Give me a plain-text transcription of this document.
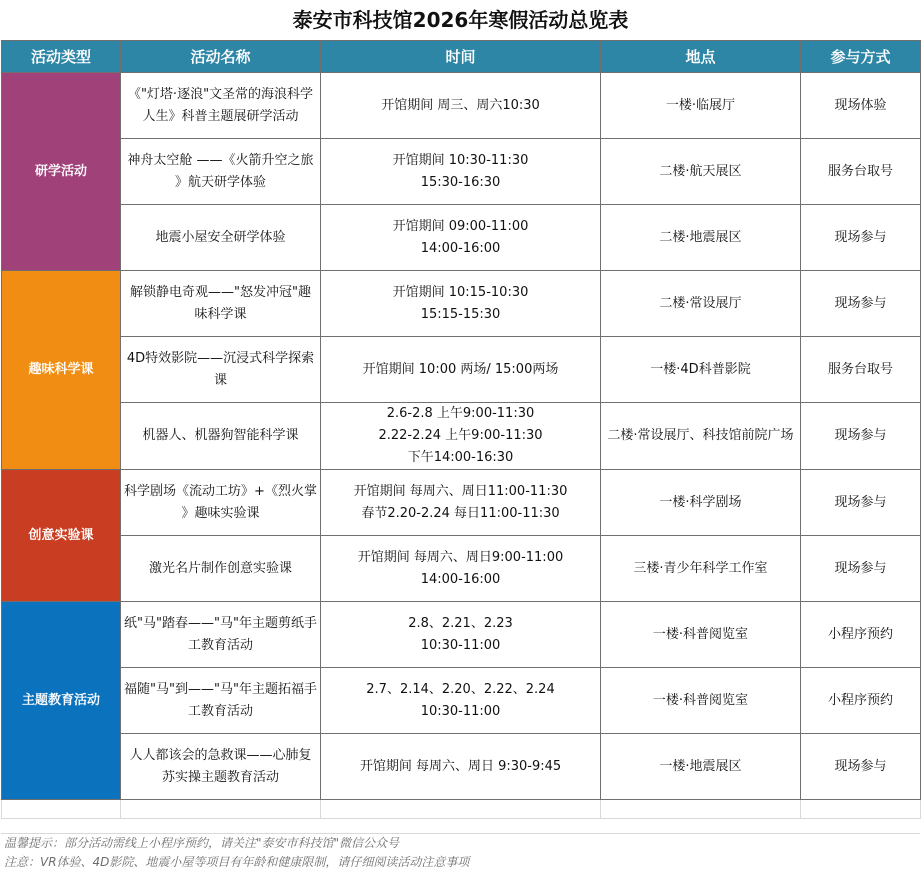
泰安市科技馆2026年寒假活动总览表
活动类型	活动名称	时间	地点	参与方式
研学活动	《"灯塔·逐浪"文圣常的海浪科学
人生》科普主题展研学活动	开馆期间 周三、周六10:30	一楼·临展厅	现场体验

	神舟太空舱 ——《火箭升空之旅
》航天研学体验	开馆期间 10:30-11:30
15:30-16:30	二楼·航天展区	服务台取号

	地震小屋安全研学体验	开馆期间 09:00-11:00
14:00-16:00	二楼·地震展区	现场参与
趣味科学课	解锁静电奇观——"怒发冲冠"趣
味科学课	开馆期间 10:15-10:30
15:15-15:30	二楼·常设展厅	现场参与

	4D特效影院——沉浸式科学探索
课	开馆期间 10:00 两场/ 15:00两场	一楼·4D科普影院	服务台取号

	机器人、机器狗智能科学课	2.6-2.8 上午9:00-11:30
2.22-2.24 上午9:00-11:30
下午14:00-16:30	二楼·常设展厅、科技馆前院广场	现场参与
创意实验课	科学剧场《流动工坊》+《烈火掌
》趣味实验课	开馆期间 每周六、周日11:00-11:30
春节2.20-2.24 每日11:00-11:30	一楼·科学剧场	现场参与

	激光名片制作创意实验课	开馆期间 每周六、周日9:00-11:00
14:00-16:00	三楼·青少年科学工作室	现场参与
主题教育活动	纸"马"踏春——"马"年主题剪纸手
工教育活动	2.8、2.21、2.23
10:30-11:00	一楼·科普阅览室	小程序预约

	福随"马"到——"马"年主题拓福手
工教育活动	2.7、2.14、2.20、2.22、2.24
10:30-11:00	一楼·科普阅览室	小程序预约

	人人都该会的急救课——心肺复
苏实操主题教育活动	开馆期间 每周六、周日 9:30-9:45	一楼·地震展区	现场参与

温馨提示：部分活动需线上小程序预约，请关注"泰安市科技馆"微信公众号
注意：VR体验、4D影院、地震小屋等项目有年龄和健康限制，请仔细阅读活动注意事项
